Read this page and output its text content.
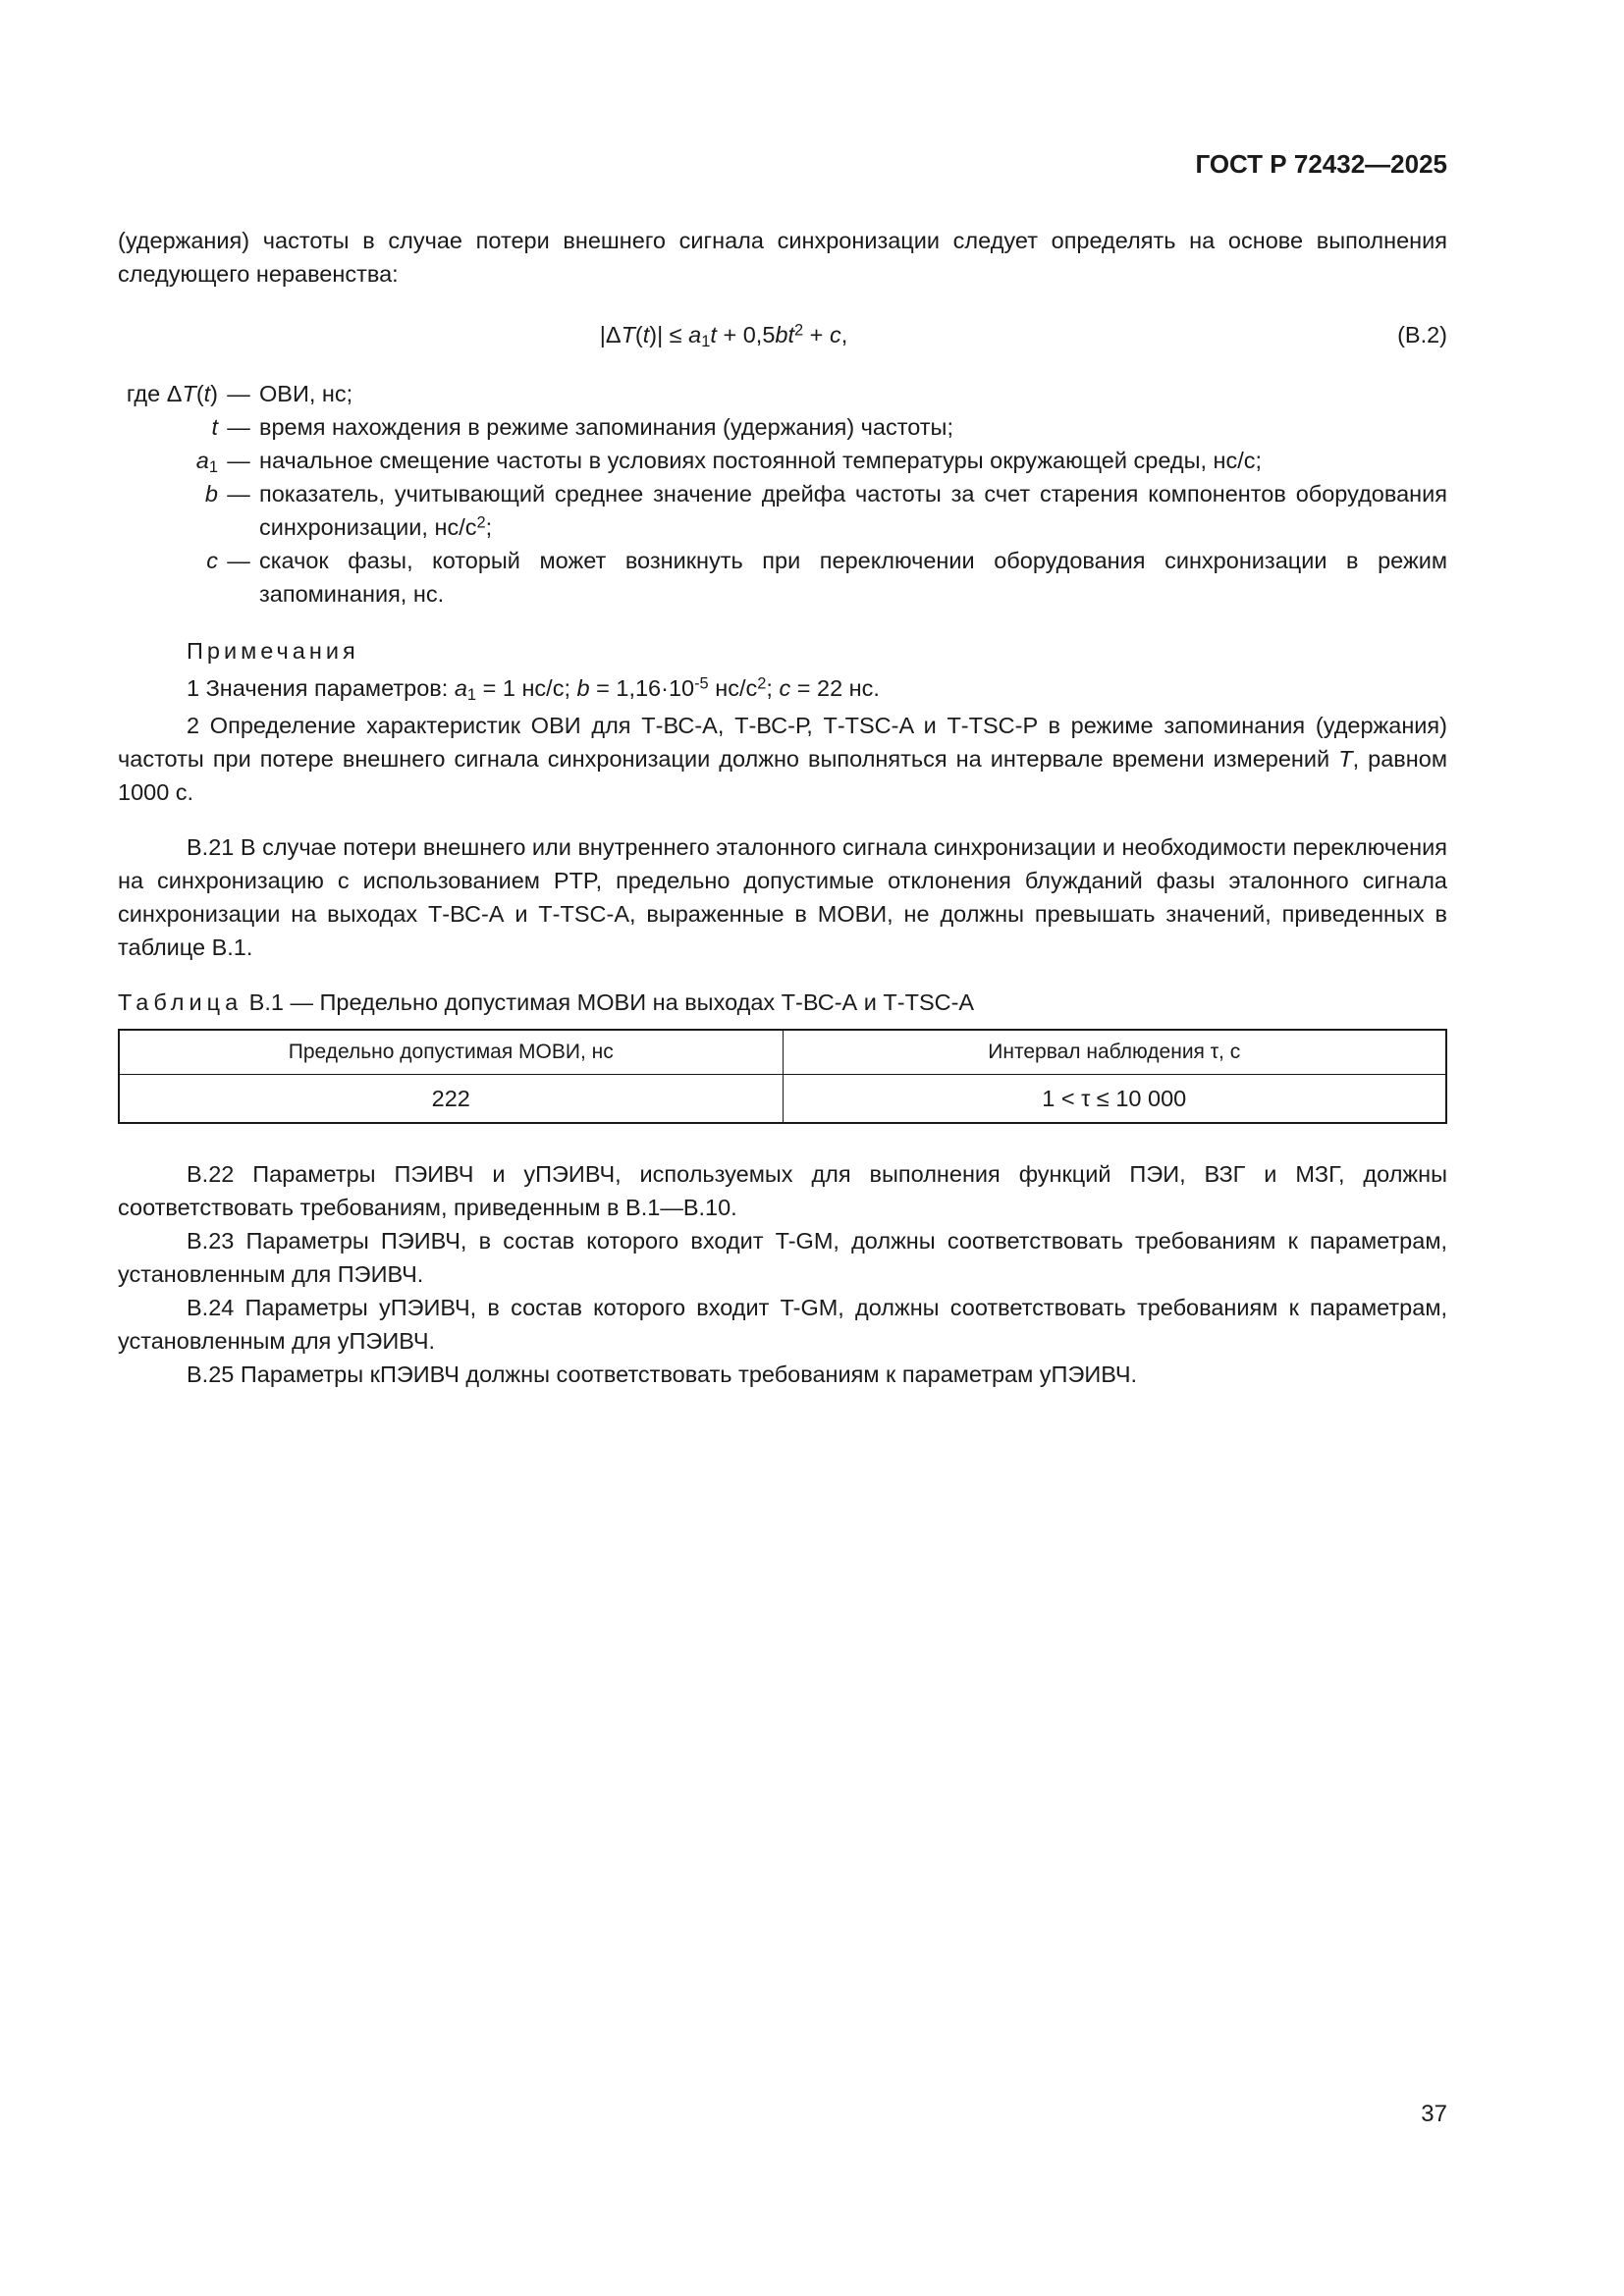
ГОСТ Р 72432—2025

(удержания) частоты в случае потери внешнего сигнала синхронизации следует определять на основе выполнения следующего неравенства:

$|\Delta T(t)| \le a_1t + 0,5bt^2 + c$,	(В.2)
где ΔT(t) — ОВИ, нс;
t — время нахождения в режиме запоминания (удержания) частоты;
$a_1$ — начальное смещение частоты в условиях постоянной температуры окружающей среды, нс/с;
b — показатель, учитывающий среднее значение дрейфа частоты за счет старения компонентов оборудования синхронизации, $нс/с^2$;
c — скачок фазы, который может возникнуть при переключении оборудования синхронизации в режим запоминания, нс.

Примечания

1 Значения параметров: $a_1 = 1$ нс/с; $b = 1,16\cdot 10^{-5}$ $нс/с^2$; c = 22 нс.

2 Определение характеристик ОВИ для Т-ВС-А, Т-ВС-Р, Т-TSC-A и Т-TSC-P в режиме запоминания (удержания) частоты при потере внешнего сигнала синхронизации должно выполняться на интервале времени измерений T, равном 1000 с.

В.21 В случае потери внешнего или внутреннего эталонного сигнала синхронизации и необходимости переключения на синхронизацию с использованием PTP, предельно допустимые отклонения блужданий фазы эталонного сигнала синхронизации на выходах Т-ВС-А и Т-TSC-A, выраженные в МОВИ, не должны превышать значений, приведенных в таблице В.1.

Таблица В.1 — Предельно допустимая МОВИ на выходах Т-ВС-А и Т-TSC-A

Предельно допустимая МОВИ, нс	Интервал наблюдения τ, с
222	1 < τ ≤ 10 000

В.22 Параметры ПЭИВЧ и уПЭИВЧ, используемых для выполнения функций ПЭИ, ВЗГ и МЗГ, должны соответствовать требованиям, приведенным в В.1—В.10.

В.23 Параметры ПЭИВЧ, в состав которого входит T-GM, должны соответствовать требованиям к параметрам, установленным для ПЭИВЧ.

В.24 Параметры уПЭИВЧ, в состав которого входит T-GM, должны соответствовать требованиям к параметрам, установленным для уПЭИВЧ.

В.25 Параметры кПЭИВЧ должны соответствовать требованиям к параметрам уПЭИВЧ.

37
